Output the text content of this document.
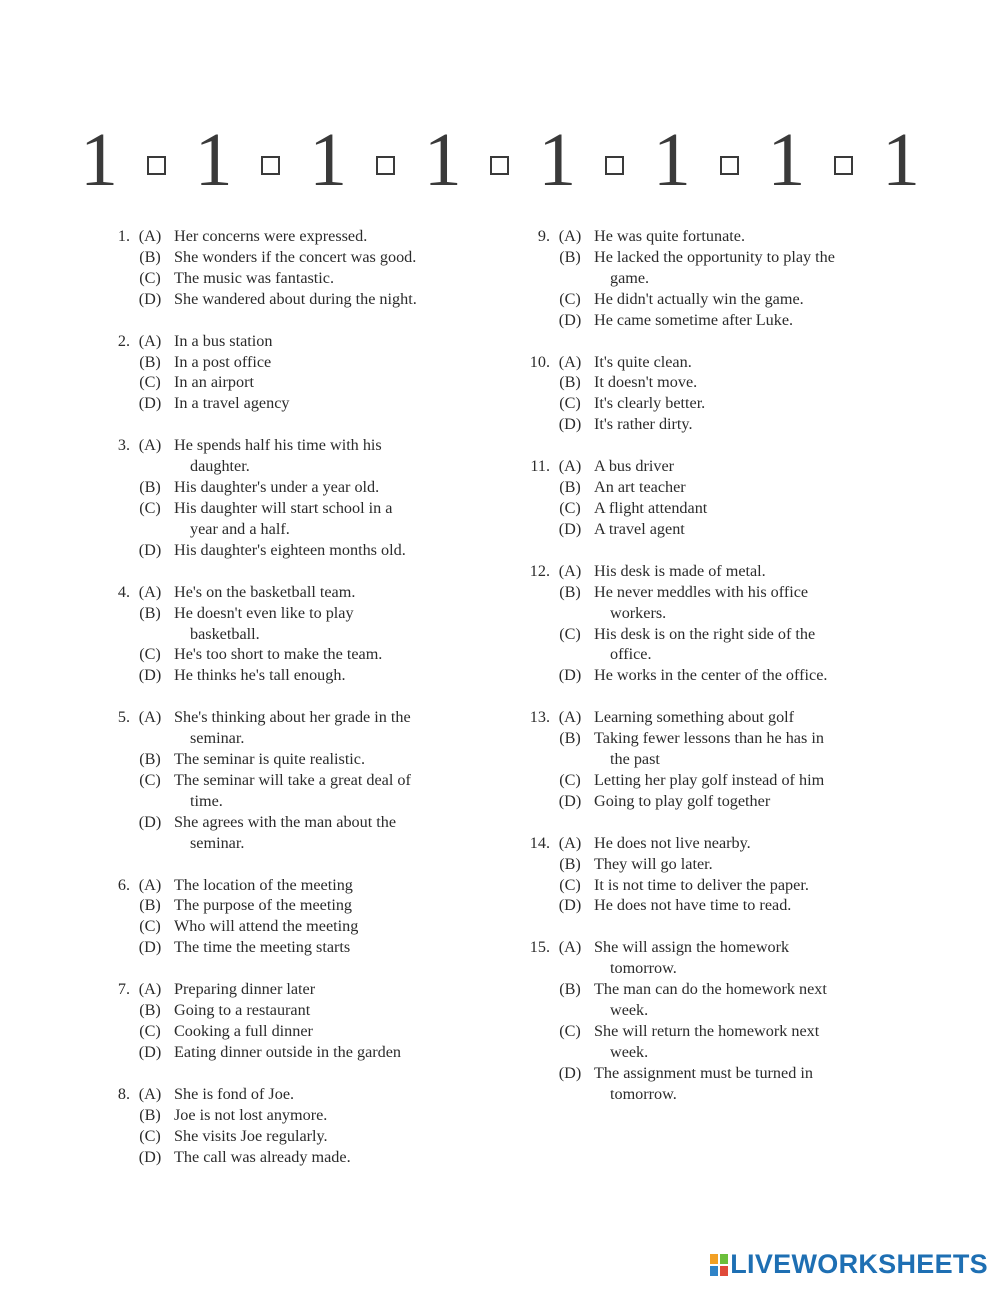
1 1 1 1 1 1 1 1
1. (A) Her concerns were expressed.
(B) She wonders if the concert was good.
(C) The music was fantastic.
(D) She wandered about during the night.
2. (A) In a bus station
(B) In a post office
(C) In an airport
(D) In a travel agency
3. (A) He spends half his time with his
daughter.
(B) His daughter's under a year old.
(C) His daughter will start school in a
year and a half.
(D) His daughter's eighteen months old.
4. (A) He's on the basketball team.
(B) He doesn't even like to play
basketball.
(C) He's too short to make the team.
(D) He thinks he's tall enough.
5. (A) She's thinking about her grade in the
seminar.
(B) The seminar is quite realistic.
(C) The seminar will take a great deal of
time.
(D) She agrees with the man about the
seminar.
6. (A) The location of the meeting
(B) The purpose of the meeting
(C) Who will attend the meeting
(D) The time the meeting starts
7. (A) Preparing dinner later
(B) Going to a restaurant
(C) Cooking a full dinner
(D) Eating dinner outside in the garden
8. (A) She is fond of Joe.
(B) Joe is not lost anymore.
(C) She visits Joe regularly.
(D) The call was already made.
9. (A) He was quite fortunate.
(B) He lacked the opportunity to play the
game.
(C) He didn't actually win the game.
(D) He came sometime after Luke.
10. (A) It's quite clean.
(B) It doesn't move.
(C) It's clearly better.
(D) It's rather dirty.
11. (A) A bus driver
(B) An art teacher
(C) A flight attendant
(D) A travel agent
12. (A) His desk is made of metal.
(B) He never meddles with his office
workers.
(C) His desk is on the right side of the
office.
(D) He works in the center of the office.
13. (A) Learning something about golf
(B) Taking fewer lessons than he has in
the past
(C) Letting her play golf instead of him
(D) Going to play golf together
14. (A) He does not live nearby.
(B) They will go later.
(C) It is not time to deliver the paper.
(D) He does not have time to read.
15. (A) She will assign the homework
tomorrow.
(B) The man can do the homework next
week.
(C) She will return the homework next
week.
(D) The assignment must be turned in
tomorrow.
LIVEWORKSHEETS
